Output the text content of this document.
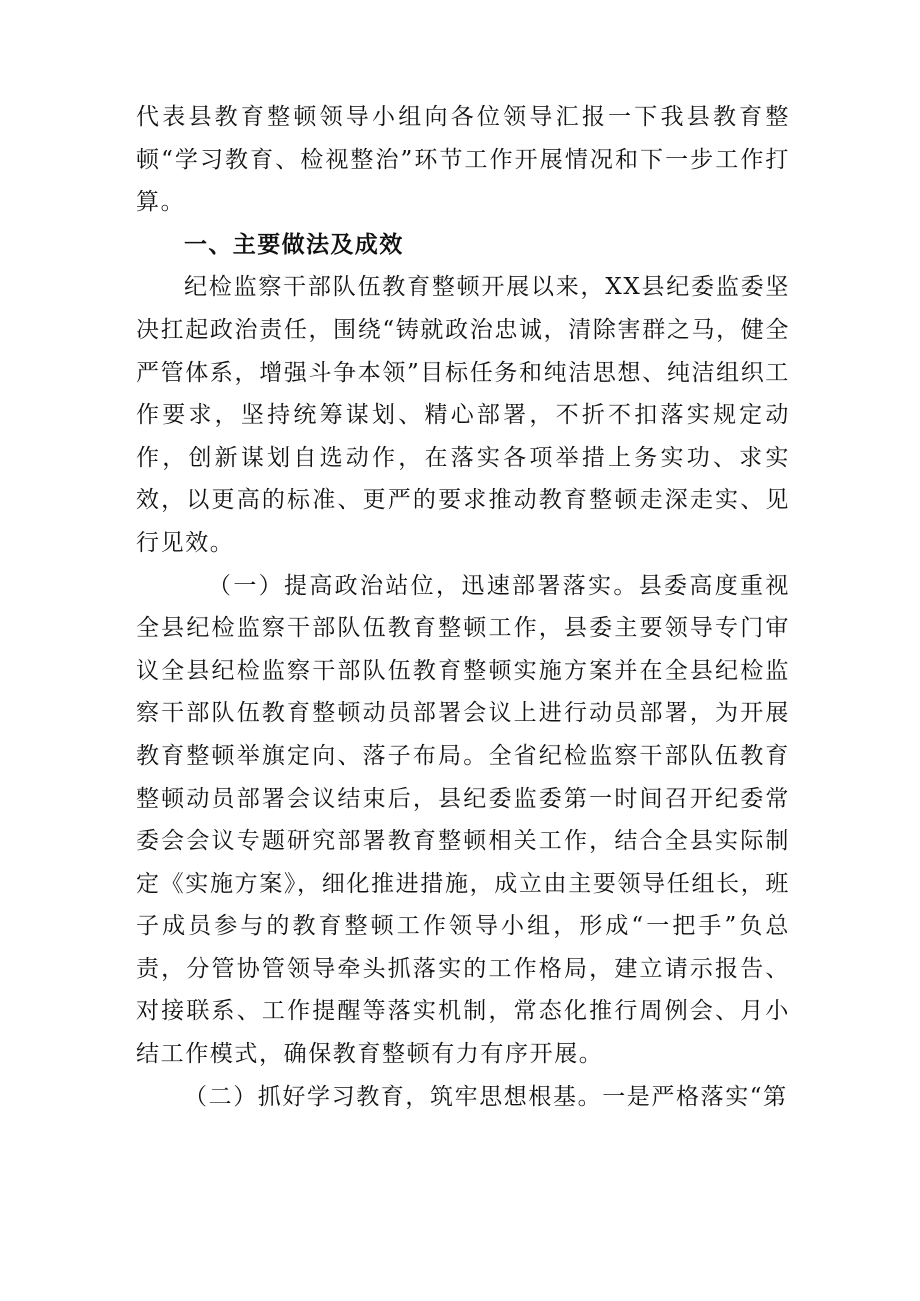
代表县教育整顿领导小组向各位领导汇报一下我县教育整顿“学习教育、检视整治”环节工作开展情况和下一步工作打算。

一、主要做法及成效

纪检监察干部队伍教育整顿开展以来，XX县纪委监委坚决扛起政治责任，围绕“铸就政治忠诚，清除害群之马，健全严管体系，增强斗争本领”目标任务和纯洁思想、纯洁组织工作要求，坚持统筹谋划、精心部署，不折不扣落实规定动作，创新谋划自选动作，在落实各项举措上务实功、求实效，以更高的标准、更严的要求推动教育整顿走深走实、见行见效。

（一）提高政治站位，迅速部署落实。县委高度重视全县纪检监察干部队伍教育整顿工作，县委主要领导专门审议全县纪检监察干部队伍教育整顿实施方案并在全县纪检监察干部队伍教育整顿动员部署会议上进行动员部署，为开展教育整顿举旗定向、落子布局。全省纪检监察干部队伍教育整顿动员部署会议结束后，县纪委监委第一时间召开纪委常委会会议专题研究部署教育整顿相关工作，结合全县实际制定《实施方案》，细化推进措施，成立由主要领导任组长，班子成员参与的教育整顿工作领导小组，形成“一把手”负总责，分管协管领导牵头抓落实的工作格局，建立请示报告、对接联系、工作提醒等落实机制，常态化推行周例会、月小结工作模式，确保教育整顿有力有序开展。

（二）抓好学习教育，筑牢思想根基。一是严格落实“第
